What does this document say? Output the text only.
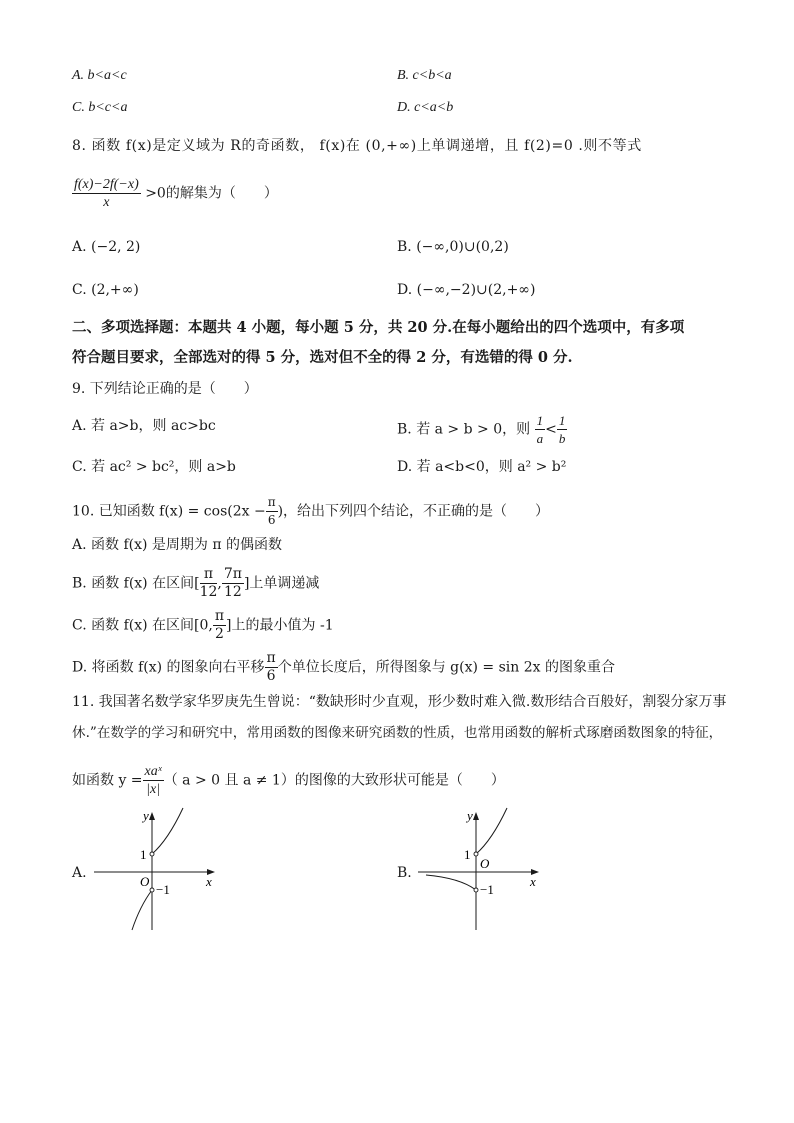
A. b<a<c	B. c<b<a
C. b<c<a	D. c<a<b
8. 函数 f(x)是定义域为 R的奇函数， f(x)在 (0,+∞)上单调递增，且 f(2)=0 .则不等式
$\frac{f(x)-2f(-x)}{x} >0$的解集为（　　）
A. (−2, 2)	B. (−∞,0)∪(0,2)
C. (2,+∞)	D. (−∞,−2)∪(2,+∞)
二、多项选择题：本题共 4 小题，每小题 5 分，共 20 分.在每小题给出的四个选项中，有多项
符合题目要求，全部选对的得 5 分，选对但不全的得 2 分，有选错的得 0 分.
9. 下列结论正确的是（　　）
A. 若 a>b，则 ac>bc	B. 若 a > b > 0，则 $\frac{1}{a} < \frac{1}{b}$
C. 若 ac² > bc²，则 a>b	D. 若 a<b<0，则 a² > b²
10. 已知函数 $f(x) = \cos(2x - \frac{\pi}{6}$ )，给出下列四个结论，不正确的是（　　）
A. 函数 f(x) 是周期为 π 的偶函数
B. 函数 f(x) 在区间[ $\frac{\pi}{12}$ , $\frac{7\pi}{12}$ ]上单调递减
C. 函数 f(x) 在区间[0, $\frac{\pi}{2}$ ]上的最小值为 -1
D. 将函数 f(x) 的图象向右平移 $\frac{\pi}{6}$ 个单位长度后，所得图象与 g(x) = sin 2x 的图象重合
11. 我国著名数学家华罗庚先生曾说：“数缺形时少直观，形少数时难入微.数形结合百般好，割裂分家万事
休.”在数学的学习和研究中，常用函数的图像来研究函数的性质，也常用函数的解析式琢磨函数图象的特征，
如函数 $y = \frac{\text{xaˣ}}{|x|}$ （ a > 0 且 a ≠ 1）的图像的大致形状可能是（　　）
A.
y
x
O
1
−1
B.
y
x
O
1
−1
